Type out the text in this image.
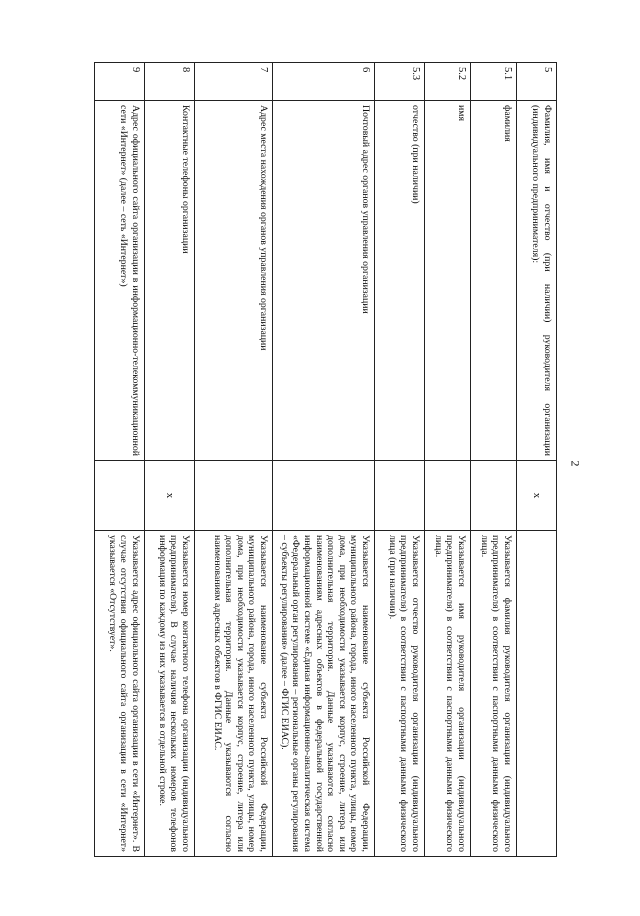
2
5	Фамилия, имя и отчество (при наличии) руководителя организации (индивидуального предпринимателя):	х	
5.1	фамилия		Указывается фамилия руководителя организации (индивидуального предпринимателя) в соответствии с паспортными данными физического лица.
5.2	имя		Указывается имя руководителя организации (индивидуального предпринимателя) в соответствии с паспортными данными физического лица.
5.3	отчество (при наличии)		Указывается отчество руководителя организации (индивидуального предпринимателя) в соответствии с паспортными данными физического лица (при наличии).
6	Почтовый адрес органов управления организации		Указывается наименование субъекта Российской Федерации, муниципального района, города, иного населенного пункта, улицы, номер дома, при необходимости указывается корпус, строение, литера или дополнительная территория. Данные указываются согласно наименованиям адресных объектов в федеральной государственной информационной системе «Единая информационно-аналитическая система «Федеральный орган регулирования – региональные органы регулирования – субъекты регулирования» (далее – ФГИС ЕИАС).
7	Адрес места нахождения органов управления организации		Указывается наименование субъекта Российской Федерации, муниципального района, города, иного населенного пункта, улицы, номер дома, при необходимости указывается корпус, строение, литера или дополнительная территория. Данные указываются согласно наименованиям адресных объектов в ФГИС ЕИАС.
8	Контактные телефоны организации	х	Указывается номер контактного телефона организации (индивидуального предпринимателя). В случае наличия нескольких номеров телефонов информация по каждому из них указывается в отдельной строке.
9	Адрес официального сайта организации в информационно-телекоммуникационной сети «Интернет» (далее – сеть «Интернет»)		Указывается адрес официального сайта организации в сети «Интернет». В случае отсутствия официального сайта организации в сети «Интернет» указывается «Отсутствует».
